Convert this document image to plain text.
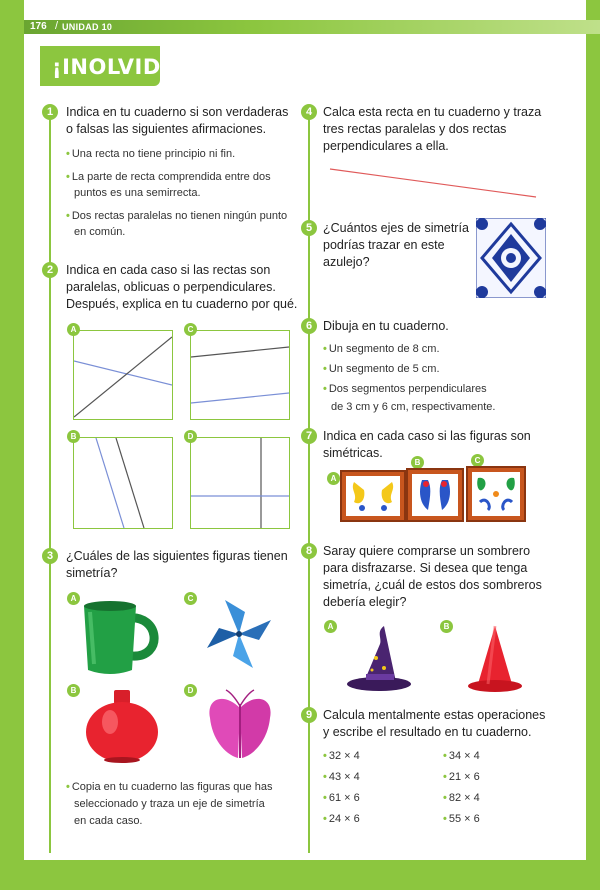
176 / UNIDAD 10
¡INOLVIDABLE!
1	Indica en tu cuaderno si son verdaderas
o falsas las siguientes afirmaciones.
• Una recta no tiene principio ni fin.
• La parte de recta comprendida entre dos
puntos es una semirrecta.
• Dos rectas paralelas no tienen ningún punto
en común.
2	Indica en cada caso si las rectas son
paralelas, oblicuas o perpendiculares.
Después, explica en tu cuaderno por qué.
A	C
B	D
3	¿Cuáles de las siguientes figuras tienen
simetría?
A	C
B	D
• Copia en tu cuaderno las figuras que has
seleccionado y traza un eje de simetría
en cada caso.
4 Calca esta recta en tu cuaderno y traza
tres rectas paralelas y dos rectas
perpendiculares a ella.
5 ¿Cuántos ejes de simetría
podrías trazar en este
azulejo?
6 Dibuja en tu cuaderno.
• Un segmento de 8 cm.
• Un segmento de 5 cm.
• Dos segmentos perpendiculares
de 3 cm y 6 cm, respectivamente.
7 Indica en cada caso si las figuras son
simétricas.
A
B	C
8 Saray quiere comprarse un sombrero
para disfrazarse. Si desea que tenga
simetría, ¿cuál de estos dos sombreros
debería elegir?
A	B
9 Calcula mentalmente estas operaciones
y escribe el resultado en tu cuaderno.
• 32 × 4
• 43 × 4
• 61 × 6
• 24 × 6
• 34 × 4
• 21 × 6
• 82 × 4
• 55 × 6
